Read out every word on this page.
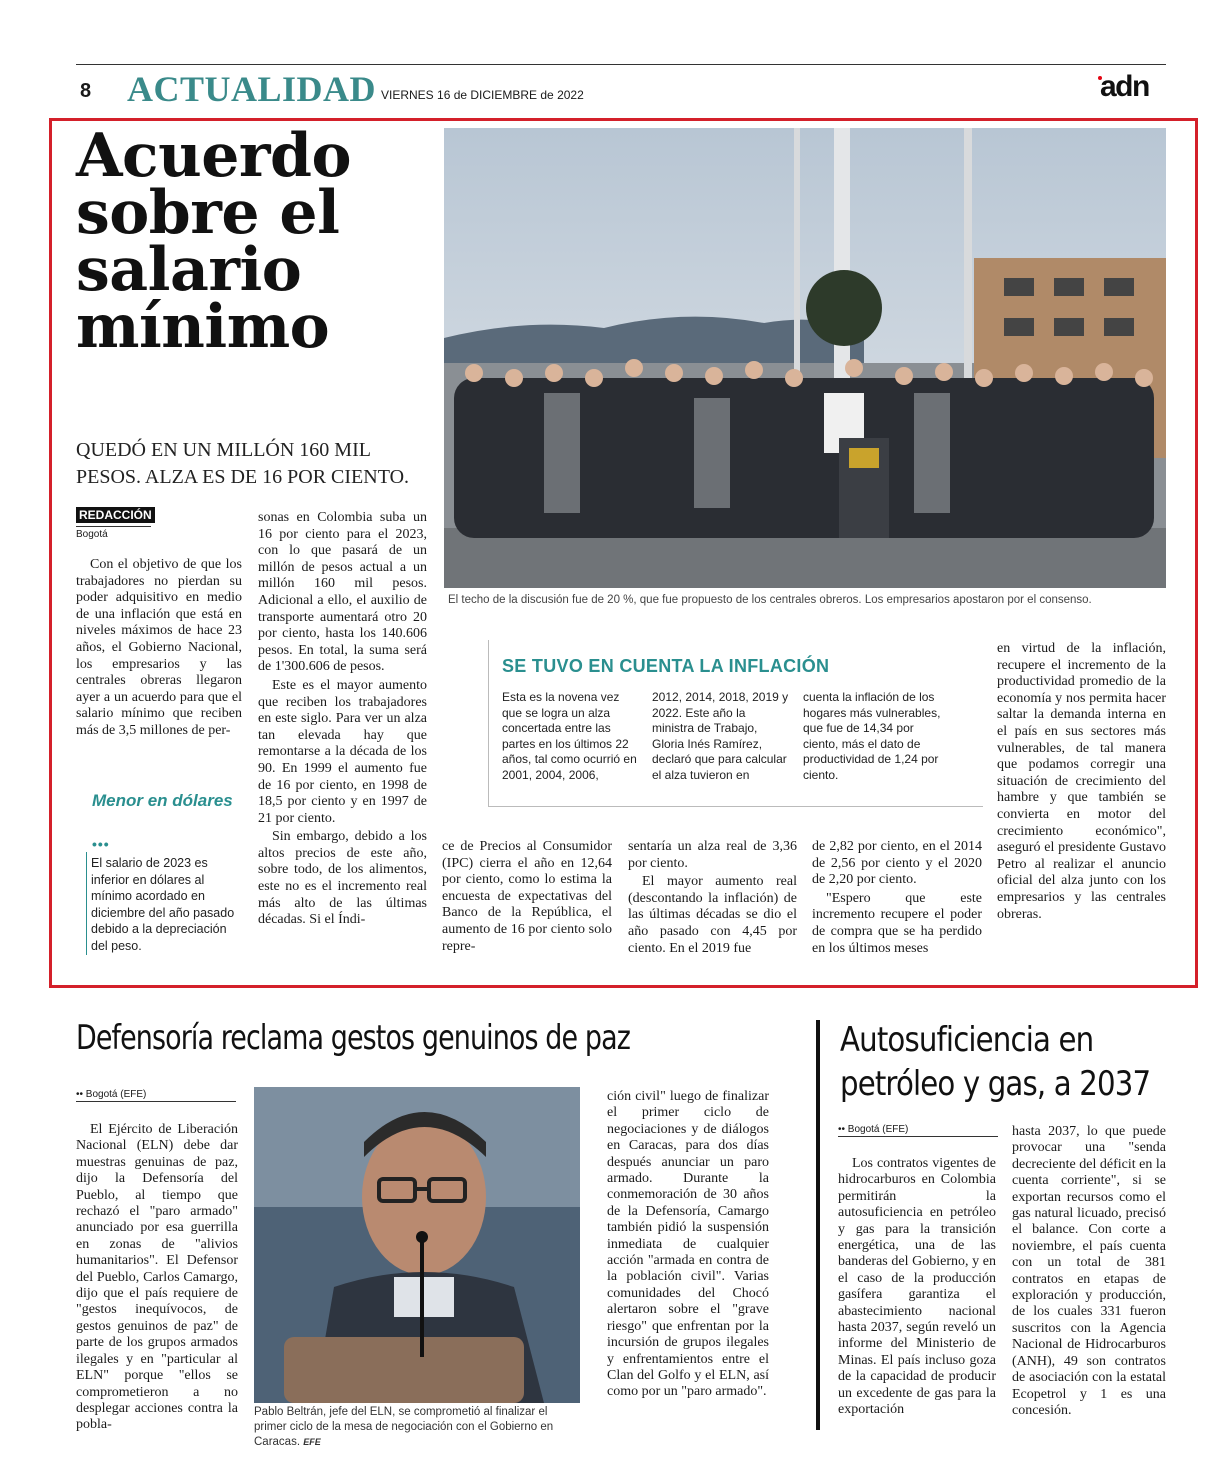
8 ACTUALIDAD VIERNES 16 de DICIEMBRE de 2022	adn
Acuerdo
sobre el
salario
mínimo
QUEDÓ EN UN MILLÓN 160 MIL PESOS. ALZA ES DE 16 POR CIENTO.
REDACCIÓN
Bogotá
El techo de la discusión fue de 20 %, que fue propuesto de los centrales obreros. Los empresarios apostaron por el consenso.

Con el objetivo de que los trabajadores no pierdan su poder adquisitivo en medio de una inflación que está en niveles máximos de hace 23 años, el Gobierno Nacional, los empresarios y las centrales obreras llegaron ayer a un acuerdo para que el salario mínimo que reciben más de 3,5 millones de per-

sonas en Colombia suba un 16 por ciento para el 2023, con lo que pasará de un millón de pesos actual a un millón 160 mil pesos. Adicional a ello, el auxilio de transporte aumentará otro 20 por ciento, hasta los 140.606 pesos. En total, la suma será de 1'300.606 de pesos.

Este es el mayor aumento que reciben los trabajadores en este siglo. Para ver un alza tan elevada hay que remontarse a la década de los 90. En 1999 el aumento fue de 16 por ciento, en 1998 de 18,5 por ciento y en 1997 de 21 por ciento.

Sin embargo, debido a los altos precios de este año, sobre todo, de los alimentos, este no es el incremento real más alto de las últimas décadas. Si el Índi-

ce de Precios al Consumidor (IPC) cierra el año en 12,64 por ciento, como lo estima la encuesta de expectativas del Banco de la República, el aumento de 16 por ciento solo repre-

sentaría un alza real de 3,36 por ciento.

El mayor aumento real (descontando la inflación) de las últimas décadas se dio el año pasado con 4,45 por ciento. En el 2019 fue

de 2,82 por ciento, en el 2014 de 2,56 por ciento y el 2020 de 2,20 por ciento.

"Espero que este incremento recupere el poder de compra que se ha perdido en los últimos meses

en virtud de la inflación, recupere el incremento de la productividad promedio de la economía y nos permita hacer saltar la demanda interna en el país en sus sectores más vulnerables, de tal manera que podamos corregir una situación de crecimiento del hambre y que también se convierta en motor del crecimiento económico", aseguró el presidente Gustavo Petro al realizar el anuncio oficial del alza junto con los empresarios y las centrales obreras.

SE TUVO EN CUENTA LA INFLACIÓN
Esta es la novena vez que se logra un alza concertada entre las partes en los últimos 22 años, tal como ocurrió en 2001, 2004, 2006,
2012, 2014, 2018, 2019 y 2022. Este año la ministra de Trabajo, Gloria Inés Ramírez, declaró que para calcular el alza tuvieron en
cuenta la inflación de los hogares más vulnerables, que fue de 14,34 por ciento, más el dato de productividad de 1,24 por ciento.
Menor en dólares
•••
El salario de 2023 es inferior en dólares al mínimo acordado en diciembre del año pasado debido a la depreciación del peso.
Defensoría reclama gestos genuinos de paz
•• Bogotá (EFE)

El Ejército de Liberación Nacional (ELN) debe dar muestras genuinas de paz, dijo la Defensoría del Pueblo, al tiempo que rechazó el "paro armado" anunciado por esa guerrilla en zonas de "alivios humanitarios". El Defensor del Pueblo, Carlos Camargo, dijo que el país requiere de "gestos inequívocos, de gestos genuinos de paz" de parte de los grupos armados ilegales y en "particular al ELN" porque "ellos se comprometieron a no desplegar acciones contra la pobla-

Pablo Beltrán, jefe del ELN, se comprometió al finalizar el primer ciclo de la mesa de negociación con el Gobierno en Caracas. EFE

ción civil" luego de finalizar el primer ciclo de negociaciones y de diálogos en Caracas, para dos días después anunciar un paro armado. Durante la conmemoración de 30 años de la Defensoría, Camargo también pidió la suspensión inmediata de cualquier acción "armada en contra de la población civil". Varias comunidades del Chocó alertaron sobre el "grave riesgo" que enfrentan por la incursión de grupos ilegales y enfrentamientos entre el Clan del Golfo y el ELN, así como por un "paro armado".

Autosuficiencia en petróleo y gas, a 2037
•• Bogotá (EFE)

Los contratos vigentes de hidrocarburos en Colombia permitirán la autosuficiencia en petróleo y gas para la transición energética, una de las banderas del Gobierno, y en el caso de la producción gasífera garantiza el abastecimiento nacional hasta 2037, según reveló un informe del Ministerio de Minas. El país incluso goza de la capacidad de producir un excedente de gas para la exportación

hasta 2037, lo que puede provocar una "senda decreciente del déficit en la cuenta corriente", si se exportan recursos como el gas natural licuado, precisó el balance. Con corte a noviembre, el país cuenta con un total de 381 contratos en etapas de exploración y producción, de los cuales 331 fueron suscritos con la Agencia Nacional de Hidrocarburos (ANH), 49 son contratos de asociación con la estatal Ecopetrol y 1 es una concesión.
